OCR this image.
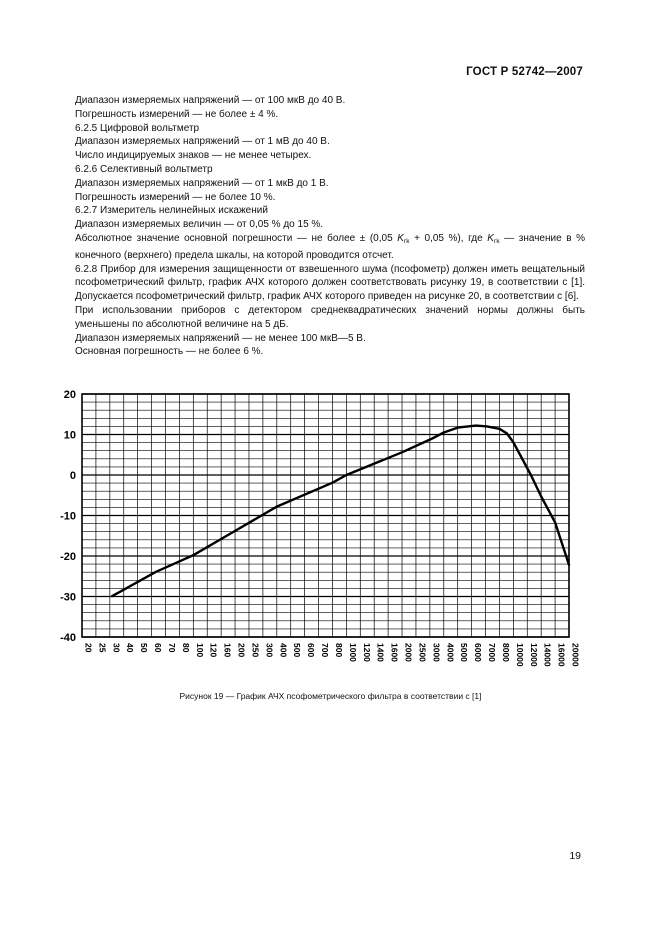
ГОСТ Р 52742—2007
Диапазон измеряемых напряжений — от 100 мкВ до 40 В.
Погрешность измерений — не более ± 4 %.
6.2.5 Цифровой вольтметр
Диапазон измеряемых напряжений — от 1 мВ до 40 В.
Число индицируемых знаков — не менее четырех.
6.2.6 Селективный вольтметр
Диапазон измеряемых напряжений — от 1 мкВ до 1 В.
Погрешность измерений — не более 10 %.
6.2.7 Измеритель нелинейных искажений
Диапазон измеряемых величин — от 0,05 % до 15 %.
Абсолютное значение основной погрешности — не более ± (0,05 $K_{гk} + 0,05$ %), где $K_{гk}$ — значение в % конечного (верхнего) предела шкалы, на которой проводится отсчет.
6.2.8 Прибор для измерения защищенности от взвешенного шума (псофометр) должен иметь вещательный псофометрический фильтр, график АЧХ которого должен соответствовать рисунку 19, в соответствии с [1]. Допускается псофометрический фильтр, график АЧХ которого приведен на рисунке 20, в соответствии с [6].
При использовании приборов с детектором среднеквадратических значений нормы должны быть уменьшены по абсолютной величине на 5 дБ.
Диапазон измеряемых напряжений — не менее 100 мкВ—5 В.
Основная погрешность — не более 6 %.
20
10
0
-10
-20
-30
-40
20 25 30 40 50 60 70 80 100 120 160 200 250 300 400 500 600 700 800 1000 1200 1400 1600 2000 2500 3000 4000 5000 6000 7000 8000 10000 12000 14000 16000 20000
Рисунок 19 — График АЧХ псофометрического фильтра в соответствии с [1]
19
